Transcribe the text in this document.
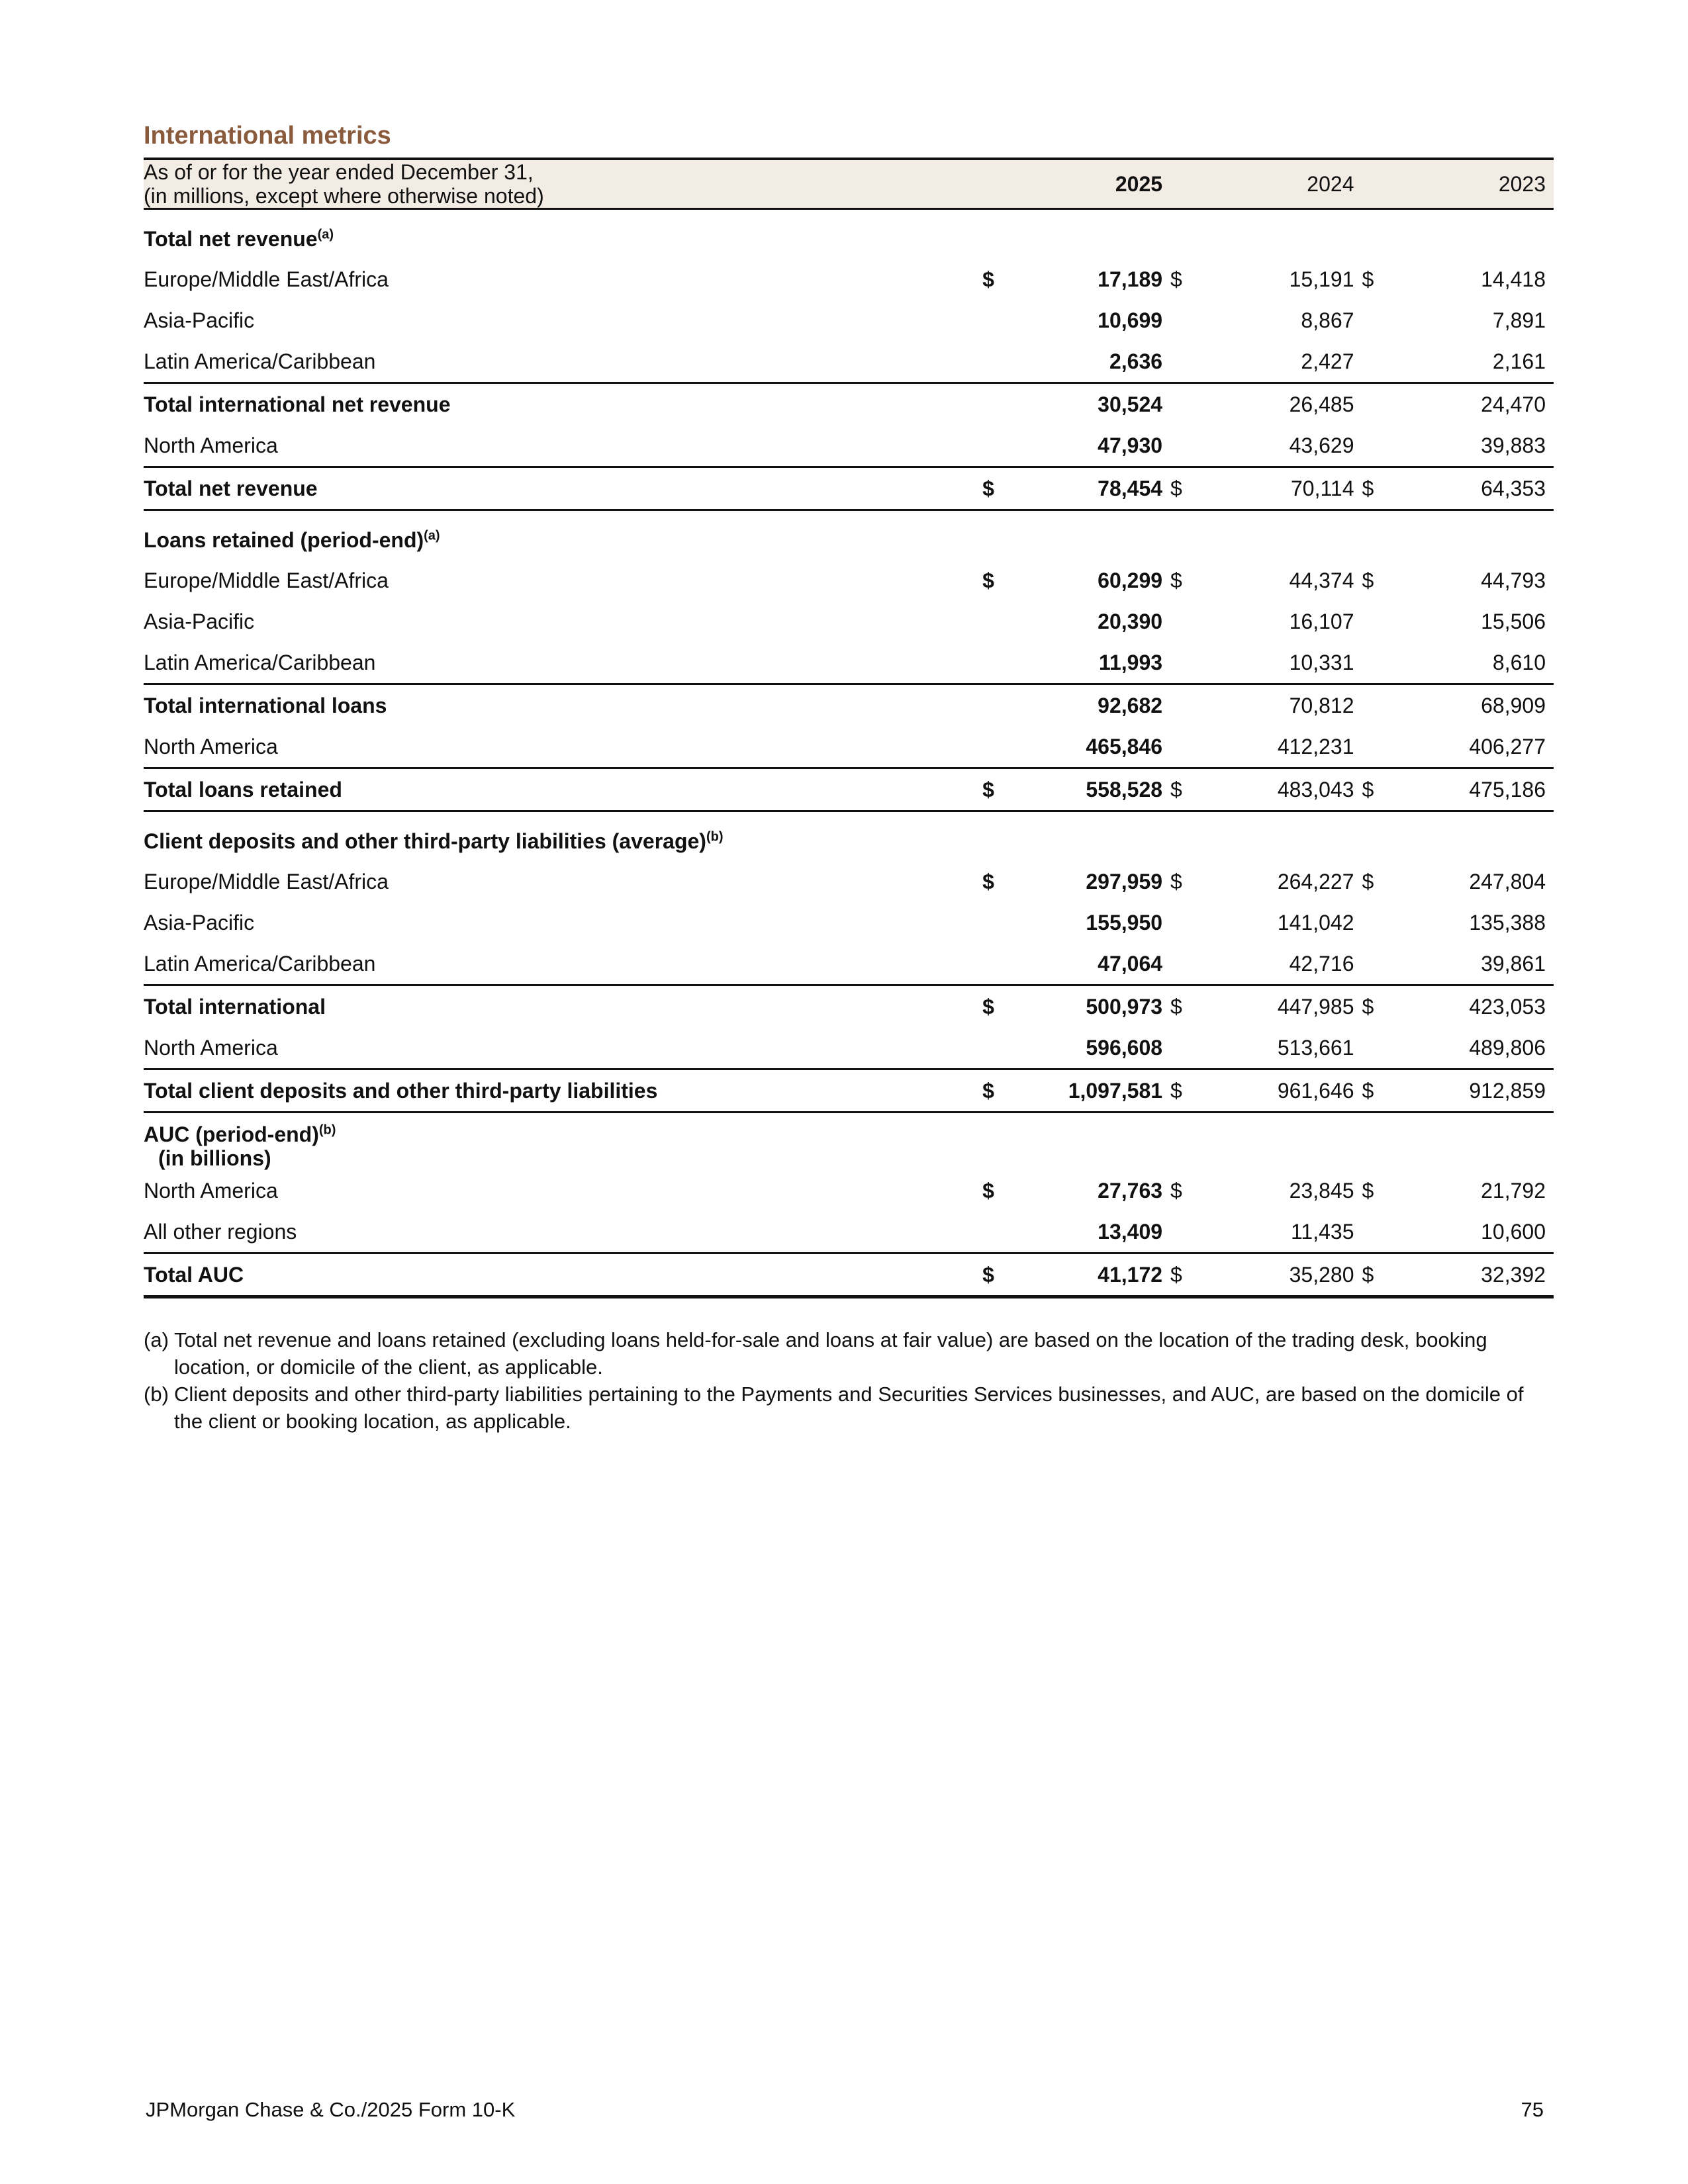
International metrics
As of or for the year ended December 31,
(in millions, except where otherwise noted)		2025		2024		2023
Total net revenue$^{(a)}$
Europe/Middle East/Africa	$	17,189	$	15,191	$	14,418
Asia-Pacific		10,699		8,867		7,891
Latin America/Caribbean		2,636		2,427		2,161
Total international net revenue		30,524		26,485		24,470
North America		47,930		43,629		39,883
Total net revenue	$	78,454	$	70,114	$	64,353
Loans retained (period-end)$^{(a)}$
Europe/Middle East/Africa	$	60,299	$	44,374	$	44,793
Asia-Pacific		20,390		16,107		15,506
Latin America/Caribbean		11,993		10,331		8,610
Total international loans		92,682		70,812		68,909
North America		465,846		412,231		406,277
Total loans retained	$	558,528	$	483,043	$	475,186
Client deposits and other third-party liabilities (average)$^{(b)}$
Europe/Middle East/Africa	$	297,959	$	264,227	$	247,804
Asia-Pacific		155,950		141,042		135,388
Latin America/Caribbean		47,064		42,716		39,861
Total international	$	500,973	$	447,985	$	423,053
North America		596,608		513,661		489,806
Total client deposits and other third-party liabilities	$	1,097,581	$	961,646	$	912,859
AUC (period-end)$^{(b)}$
(in billions)						
North America	$	27,763	$	23,845	$	21,792
All other regions		13,409		11,435		10,600
Total AUC	$	41,172	$	35,280	$	32,392
(a) Total net revenue and loans retained (excluding loans held-for-sale and loans at fair value) are based on the location of the trading desk, booking location, or domicile of the client, as applicable.
(b) Client deposits and other third-party liabilities pertaining to the Payments and Securities Services businesses, and AUC, are based on the domicile of the client or booking location, as applicable.
JPMorgan Chase & Co./2025 Form 10-K	75
